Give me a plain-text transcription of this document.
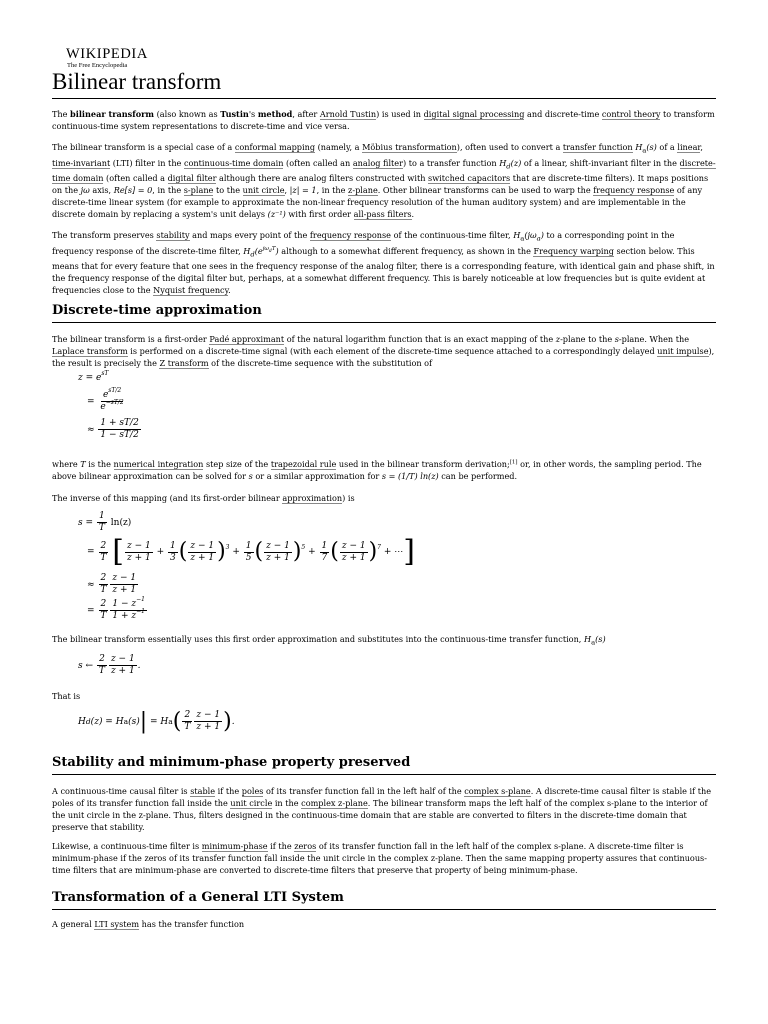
WIKIPEDIA
The Free Encyclopedia
Bilinear transform

The bilinear transform (also known as Tustin's method, after Arnold Tustin) is used in digital signal processing and discrete-time control theory to transform continuous-time system representations to discrete-time and vice versa.

The bilinear transform is a special case of a conformal mapping (namely, a Möbius transformation), often used to convert a transfer function $H_a(s)$ of a linear, time-invariant (LTI) filter in the continuous-time domain (often called an analog filter) to a transfer function $H_d(z)$ of a linear, shift-invariant filter in the discrete-time domain (often called a digital filter although there are analog filters constructed with switched capacitors that are discrete-time filters). It maps positions on the jω axis, Re[s] = 0, in the s-plane to the unit circle, |z| = 1, in the z-plane. Other bilinear transforms can be used to warp the frequency response of any discrete-time linear system (for example to approximate the non-linear frequency resolution of the human auditory system) and are implementable in the discrete domain by replacing a system's unit delays (z⁻¹) with first order all-pass filters.

The transform preserves stability and maps every point of the frequency response of the continuous-time filter, $H_a(j\omega_a)$ to a corresponding point in the frequency response of the discrete-time filter, $H_d(e^{j\omega_dT})$ although to a somewhat different frequency, as shown in the Frequency warping section below. This means that for every feature that one sees in the frequency response of the analog filter, there is a corresponding feature, with identical gain and phase shift, in the frequency response of the digital filter but, perhaps, at a somewhat different frequency. This is barely noticeable at low frequencies but is quite evident at frequencies close to the Nyquist frequency.

Discrete-time approximation

The bilinear transform is a first-order Padé approximant of the natural logarithm function that is an exact mapping of the z-plane to the s-plane. When the Laplace transform is performed on a discrete-time signal (with each element of the discrete-time sequence attached to a correspondingly delayed unit impulse), the result is precisely the Z transform of the discrete-time sequence with the substitution of

z = e sT
=

$e^{sT/2}$
$e^{-sT/2}$
≈
$\frac{1 + sT/2}{1 - sT/2}$

where T is the numerical integration step size of the trapezoidal rule used in the bilinear transform derivation;[1] or, in other words, the sampling period. The above bilinear approximation can be solved for s or a similar approximation for s = (1/T) ln(z) can be performed.

The inverse of this mapping (and its first-order bilinear approximation) is

s =
1
T

ln(z)
=
2
T
[ z − 1
z + 1
+
1
3 ( z − 1
z + 1 ) 3 +
1
5 ( z − 1
z + 1 ) 5 +
1
7 ( z − 1
z + 1 ) 7
+ ⋯ ]
≈
2
T
z − 1
z + 1
=
2
T
$1 - z^{-1}$
$1 + z^{-1}$

The bilinear transform essentially uses this first order approximation and substitutes into the continuous-time transfer function, $H_a(s)$

s
←

2
T
z − 1
z + 1
.

That is

H d ( z ) = H a ( s ) | = H a ( 2
T
z − 1
z + 1 ) .
Stability and minimum-phase property preserved

A continuous-time causal filter is stable if the poles of its transfer function fall in the left half of the complex s-plane. A discrete-time causal filter is stable if the poles of its transfer function fall inside the unit circle in the complex z-plane. The bilinear transform maps the left half of the complex s-plane to the interior of the unit circle in the z-plane. Thus, filters designed in the continuous-time domain that are stable are converted to filters in the discrete-time domain that preserve that stability.

Likewise, a continuous-time filter is minimum-phase if the zeros of its transfer function fall in the left half of the complex s-plane. A discrete-time filter is minimum-phase if the zeros of its transfer function fall inside the unit circle in the complex z-plane. Then the same mapping property assures that continuous-time filters that are minimum-phase are converted to discrete-time filters that preserve that property of being minimum-phase.

Transformation of a General LTI System

A general LTI system has the transfer function
